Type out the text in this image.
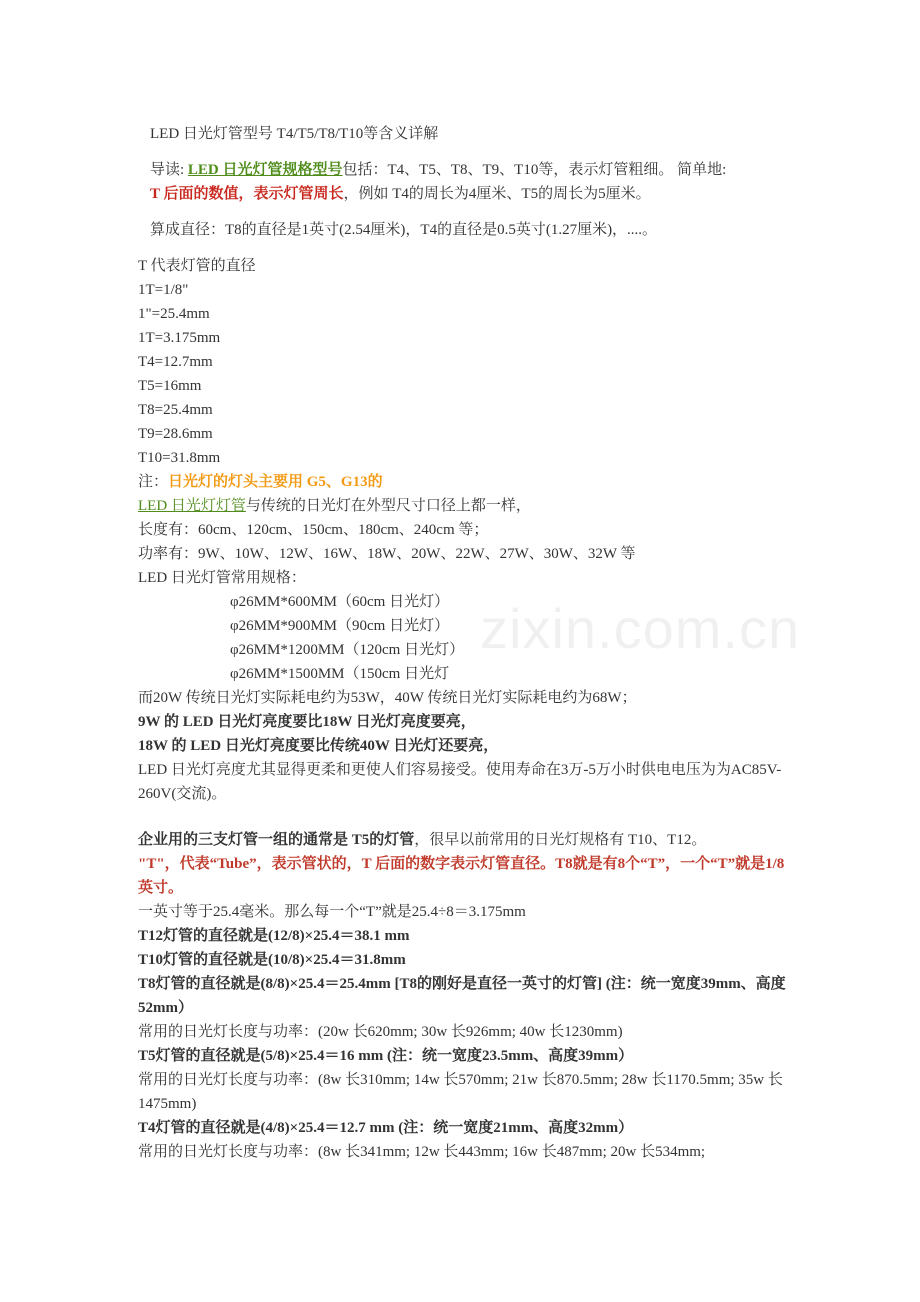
zixin.com.cn
LED 日光灯管型号 T4/T5/T8/T10等含义详解
导读: LED 日光灯管规格型号包括：T4、T5、T8、T9、T10等，表示灯管粗细。 简单地:
T 后面的数值，表示灯管周长，例如 T4的周长为4厘米、T5的周长为5厘米。
算成直径：T8的直径是1英寸(2.54厘米)，T4的直径是0.5英寸(1.27厘米)，....。
T 代表灯管的直径
1T=1/8"
1"=25.4mm
1T=3.175mm
T4=12.7mm
T5=16mm
T8=25.4mm
T9=28.6mm
T10=31.8mm
注：日光灯的灯头主要用 G5、G13的
LED 日光灯灯管与传统的日光灯在外型尺寸口径上都一样，
长度有：60cm、120cm、150cm、180cm、240cm 等；
功率有：9W、10W、12W、16W、18W、20W、22W、27W、30W、32W 等
LED 日光灯管常用规格：
φ26MM*600MM（60cm 日光灯）
φ26MM*900MM（90cm 日光灯）
φ26MM*1200MM（120cm 日光灯）
φ26MM*1500MM（150cm 日光灯
而20W 传统日光灯实际耗电约为53W，40W 传统日光灯实际耗电约为68W；
9W 的 LED 日光灯亮度要比18W 日光灯亮度要亮，
18W 的 LED 日光灯亮度要比传统40W 日光灯还要亮，
LED 日光灯亮度尤其显得更柔和更使人们容易接受。使用寿命在3万-5万小时供电电压为为AC85V-260V(交流)。
企业用的三支灯管一组的通常是 T5的灯管，很早以前常用的日光灯规格有 T10、T12。
"T"，代表“Tube”，表示管状的，T 后面的数字表示灯管直径。T8就是有8个“T”，一个“T”就是1/8英寸。
一英寸等于25.4毫米。那么每一个“T”就是25.4÷8＝3.175mm
T12灯管的直径就是(12/8)×25.4＝38.1 mm
T10灯管的直径就是(10/8)×25.4＝31.8mm
T8灯管的直径就是(8/8)×25.4＝25.4mm [T8的刚好是直径一英寸的灯管] (注：统一宽度39mm、高度52mm）
常用的日光灯长度与功率：(20w 长620mm; 30w 长926mm; 40w 长1230mm)
T5灯管的直径就是(5/8)×25.4＝16 mm (注：统一宽度23.5mm、高度39mm）
常用的日光灯长度与功率：(8w 长310mm; 14w 长570mm; 21w 长870.5mm; 28w 长1170.5mm; 35w 长1475mm)
T4灯管的直径就是(4/8)×25.4＝12.7 mm (注：统一宽度21mm、高度32mm）
常用的日光灯长度与功率：(8w 长341mm; 12w 长443mm; 16w 长487mm; 20w 长534mm;
